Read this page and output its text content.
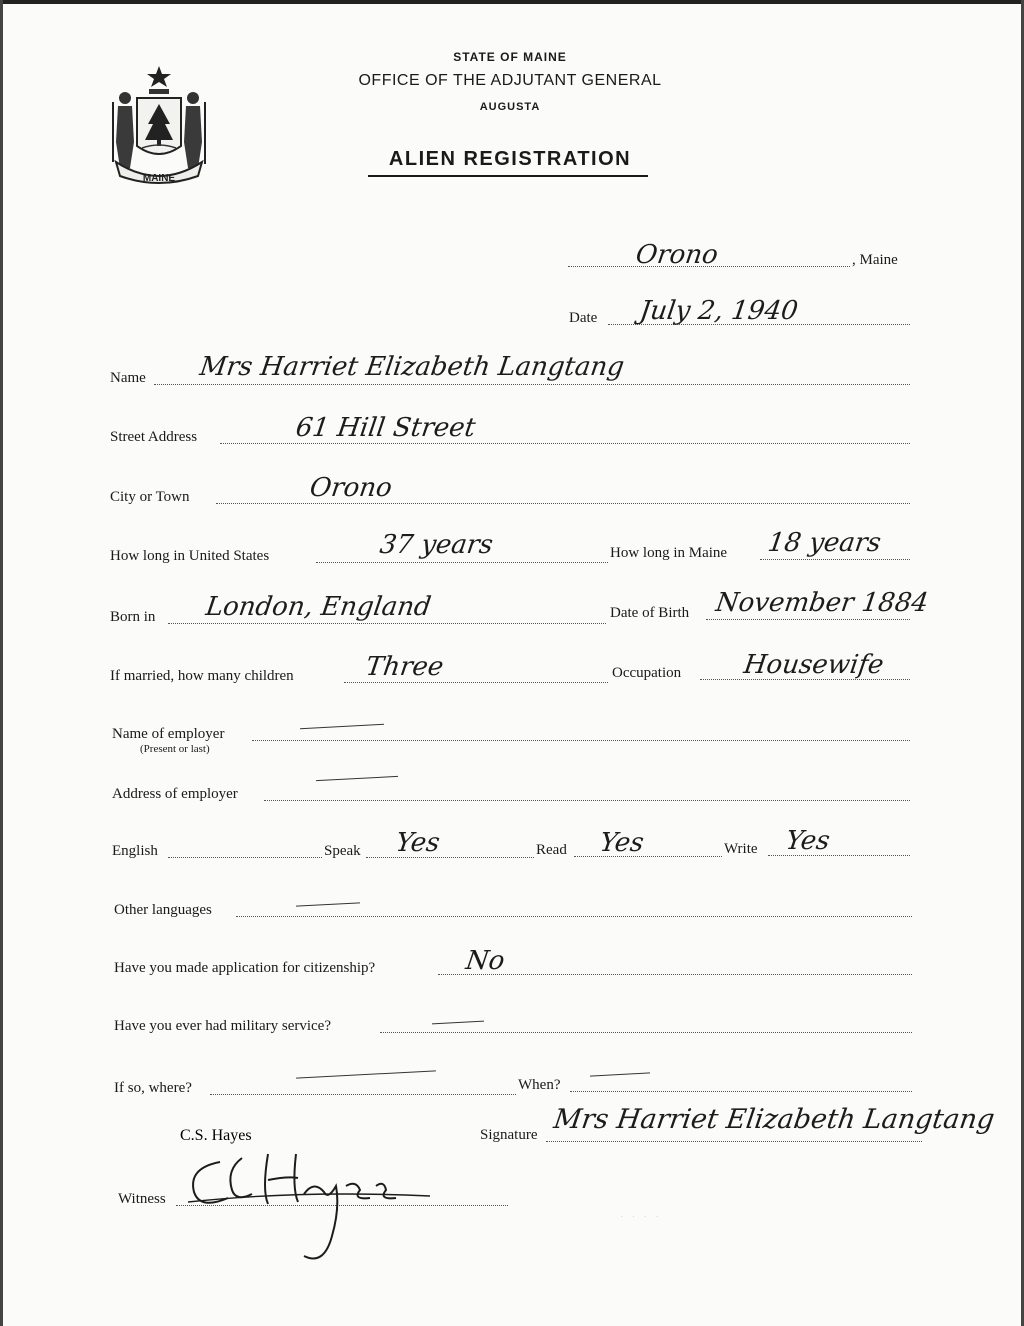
MAINE
STATE OF MAINE
OFFICE OF THE ADJUTANT GENERAL
AUGUSTA
ALIEN REGISTRATION
Orono	, Maine
Date July 2, 1940
Name Mrs Harriet Elizabeth Langtang
Street Address	61 Hill Street
City or Town	Orono
How long in United States	37 years	How long in Maine 18 years
Born in London, England	Date of Birth November 1884
If married, how many children	Three	Occupation Housewife
Name of employer
(Present or last)
Address of employer
English	Speak Yes	Read Yes	Write Yes
Other languages
Have you made application for citizenship?	No
Have you ever had military service?
If so, where?	When?
Signature Mrs Harriet Elizabeth Langtang
Witness
C.S. Hayes
· · · ·
